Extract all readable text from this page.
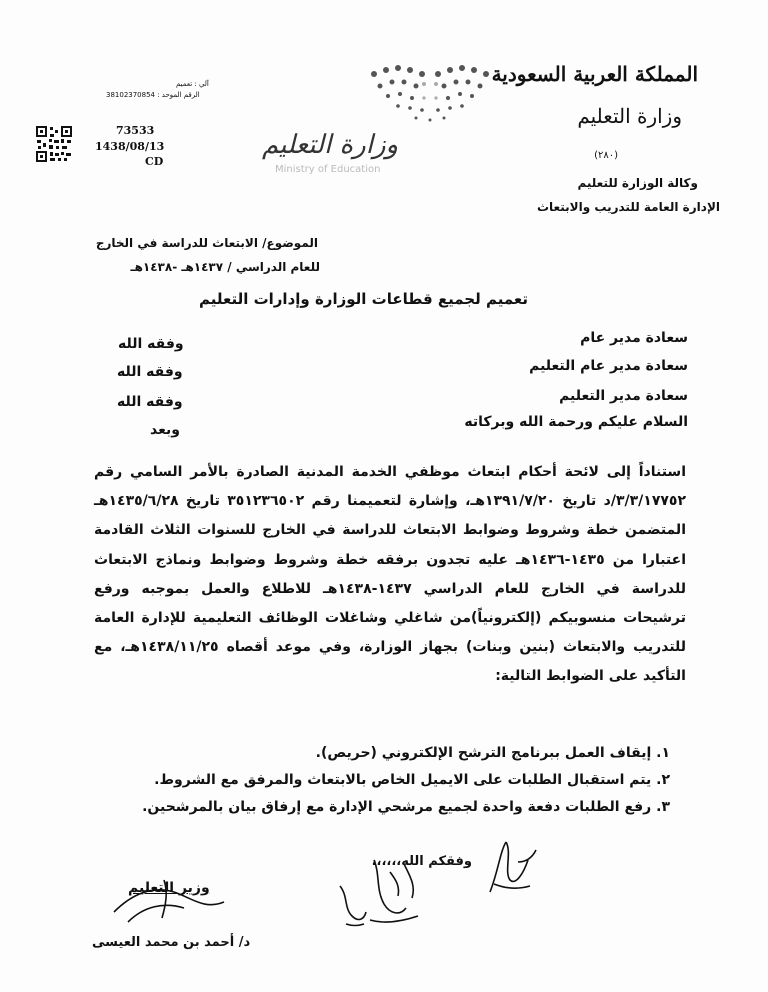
المملكة العربية السعودية
وزارة التعليم
(٢٨٠)
وكالة الوزارة للتعليم
الإدارة العامة للتدريب والابتعاث
وزارة التعليم
Ministry of Education
آلي : تعميم
الرقم الموحد : 38102370854
73533
1438/08/13
CD
الموضوع/ الابتعاث للدراسة في الخارج
للعام الدراسي / ١٤٣٧هـ -١٤٣٨هـ
تعميم لجميع قطاعات الوزارة وإدارات التعليم
سعادة مدير عام
وفقه الله
سعادة مدير عام التعليم
وفقه الله
سعادة مدير التعليم
وفقه الله
السلام عليكم ورحمة الله وبركاته
وبعد
استناداً إلى لائحة أحكام ابتعاث موظفي الخدمة المدنية الصادرة بالأمر السامي رقم ٣/٣/١٧٧٥٢/د تاريخ ١٣٩١/٧/٢٠هـ، وإشارة لتعميمنا رقم ٣٥١٢٣٦٥٠٢ تاريخ ١٤٣٥/٦/٢٨هـ المتضمن خطة وشروط وضوابط الابتعاث للدراسة في الخارج للسنوات الثلاث القادمة اعتبارا من ١٤٣٥-١٤٣٦هـ عليه تجدون برفقه خطة وشروط وضوابط ونماذج الابتعاث للدراسة في الخارج للعام الدراسي ١٤٣٧-١٤٣٨هـ للاطلاع والعمل بموجبه ورفع ترشيحات منسوبيكم (إلكترونياً)من شاغلي وشاغلات الوظائف التعليمية للإدارة العامة للتدريب والابتعاث (بنين وبنات) بجهاز الوزارة، وفي موعد أقصاه ١٤٣٨/١١/٢٥هـ، مع التأكيد على الضوابط التالية:
١. إيقاف العمل ببرنامج الترشح الإلكتروني (حريص).
٢. يتم استقبال الطلبات على الايميل الخاص بالابتعاث والمرفق مع الشروط.
٣. رفع الطلبات دفعة واحدة لجميع مرشحي الإدارة مع إرفاق بيان بالمرشحين.
وفقكم الله،،،،،،
وزير التعليم
د/ أحمد بن محمد العيسى
